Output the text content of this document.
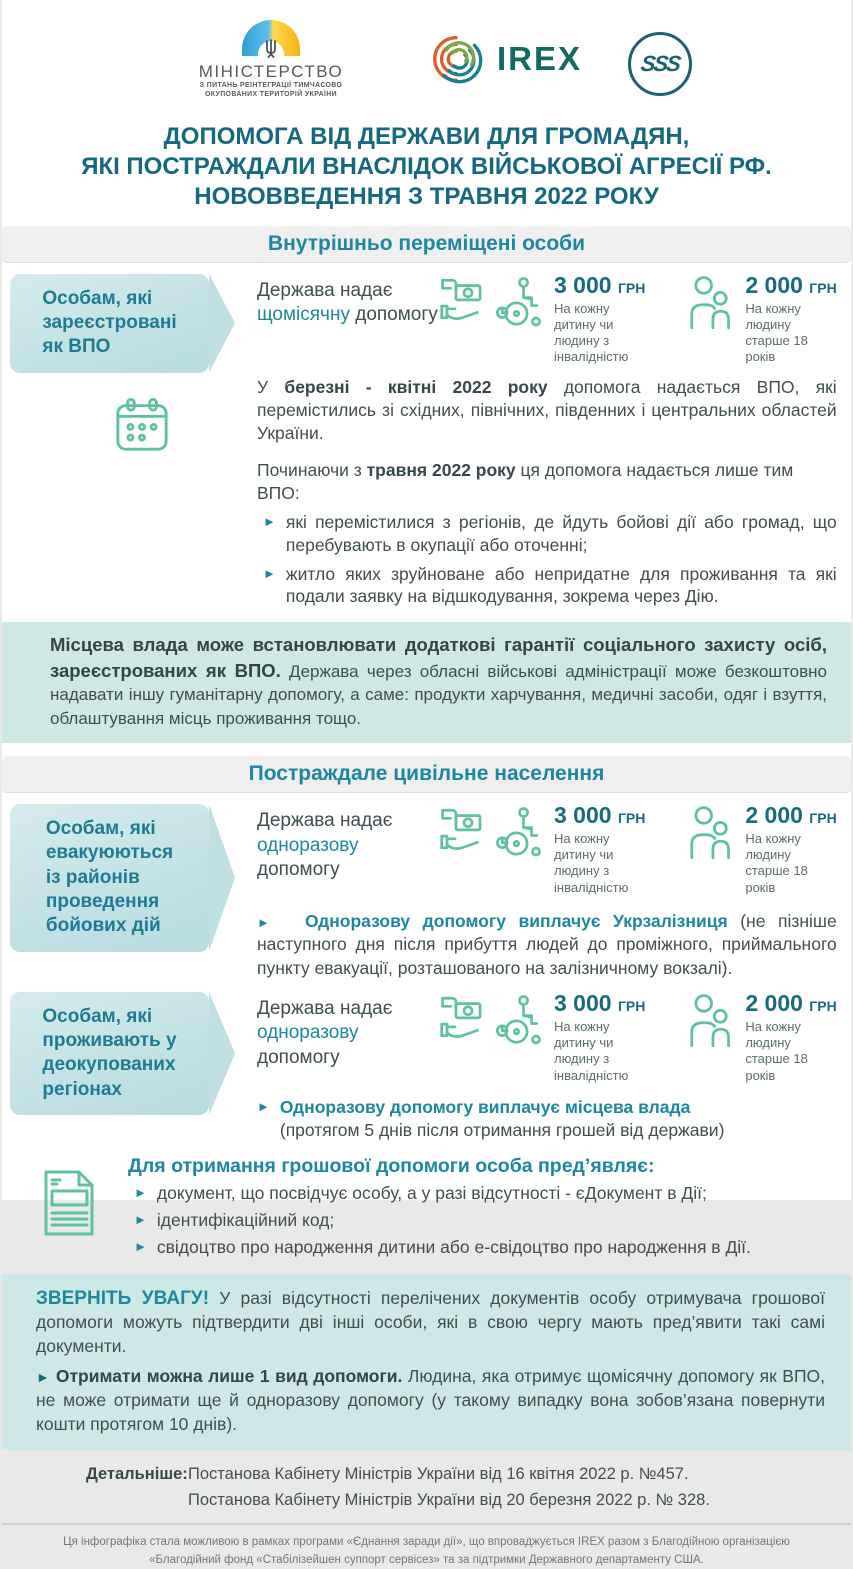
МІНІСТЕРСТВО
З ПИТАНЬ РЕІНТЕГРАЦІЇ ТИМЧАСОВО
ОКУПОВАНИХ ТЕРИТОРІЙ УКРАЇНИ
IREX	SSS
ДОПОМОГА ВІД ДЕРЖАВИ ДЛЯ ГРОМАДЯН,
ЯКІ ПОСТРАЖДАЛИ ВНАСЛІДОК ВІЙСЬКОВОЇ АГРЕСІЇ РФ.
НОВОВВЕДЕННЯ З ТРАВНЯ 2022 РОКУ
Внутрішньо переміщені особи
Особам, які
зареєстровані
як ВПО
Держава надає
щомісячну допомогу
3 000 ГРН
На кожну дитину чи
людину з інвалідністю
2 000 ГРН
На кожну людину
старше 18 років

У березні - квітні 2022 року допомога надається ВПО, які перемістились зі східних, північних, південних і центральних областей України.

Починаючи з травня 2022 року ця допомога надається лише тим ВПО:

► які перемістилися з регіонів, де йдуть бойові дії або громад, що перебувають в окупації або оточенні;
► житло яких зруйноване або непридатне для проживання та які подали заявку на відшкодування, зокрема через Дію.
Місцева влада може встановлювати додаткові гарантії соціального захисту осіб, зареєстрованих як ВПО. Держава через обласні військові адміністрації може безкоштовно надавати іншу гуманітарну допомогу, а саме: продукти харчування, медичні засоби, одяг і взуття, облаштування місць проживання тощо.
Постраждале цивільне населення
Особам, які
евакуюються
із районів
проведення
бойових дій
Держава надає
одноразову
допомогу
3 000 ГРН
На кожну дитину чи
людину з інвалідністю
2 000 ГРН
На кожну людину
старше 18 років

► Одноразову допомогу виплачує Укрзалізниця (не пізніше наступного дня після прибуття людей до проміжного, приймального пункту евакуації, розташованого на залізничному вокзалі).

Особам, які
проживають у
деокупованих
регіонах
Держава надає
одноразову
допомогу
3 000 ГРН
На кожну дитину чи
людину з інвалідністю
2 000 ГРН
На кожну людину
старше 18 років
► Одноразову допомогу виплачує місцева влада
(протягом 5 днів після отримання грошей від держави)
Для отримання грошової допомоги особа пред’являє:
► документ, що посвідчує особу, а у разі відсутності - єДокумент в Дії;
► ідентифікаційний код;
► свідоцтво про народження дитини або е-свідоцтво про народження в Дії.
ЗВЕРНІТЬ УВАГУ! У разі відсутності перелічених документів особу отримувача грошової допомоги можуть підтвердити дві інші особи, які в свою чергу мають пред’явити такі самі документи.
► Отримати можна лише 1 вид допомоги. Людина, яка отримує щомісячну допомогу як ВПО, не може отримати ще й одноразову допомогу (у такому випадку вона зобов’язана повернути кошти протягом 10 днів).
Детальніше: Постанова Кабінету Міністрів України від 16 квітня 2022 р. №457.
Постанова Кабінету Міністрів України від 20 березня 2022 р. № 328.
Ця інфографіка стала можливою в рамках програми «Єднання заради дії», що впроваджується IREX разом з Благодійною організацією
«Благодійний фонд «Стабілізейшен суппорт сервісез» та за підтримки Державного департаменту США.
